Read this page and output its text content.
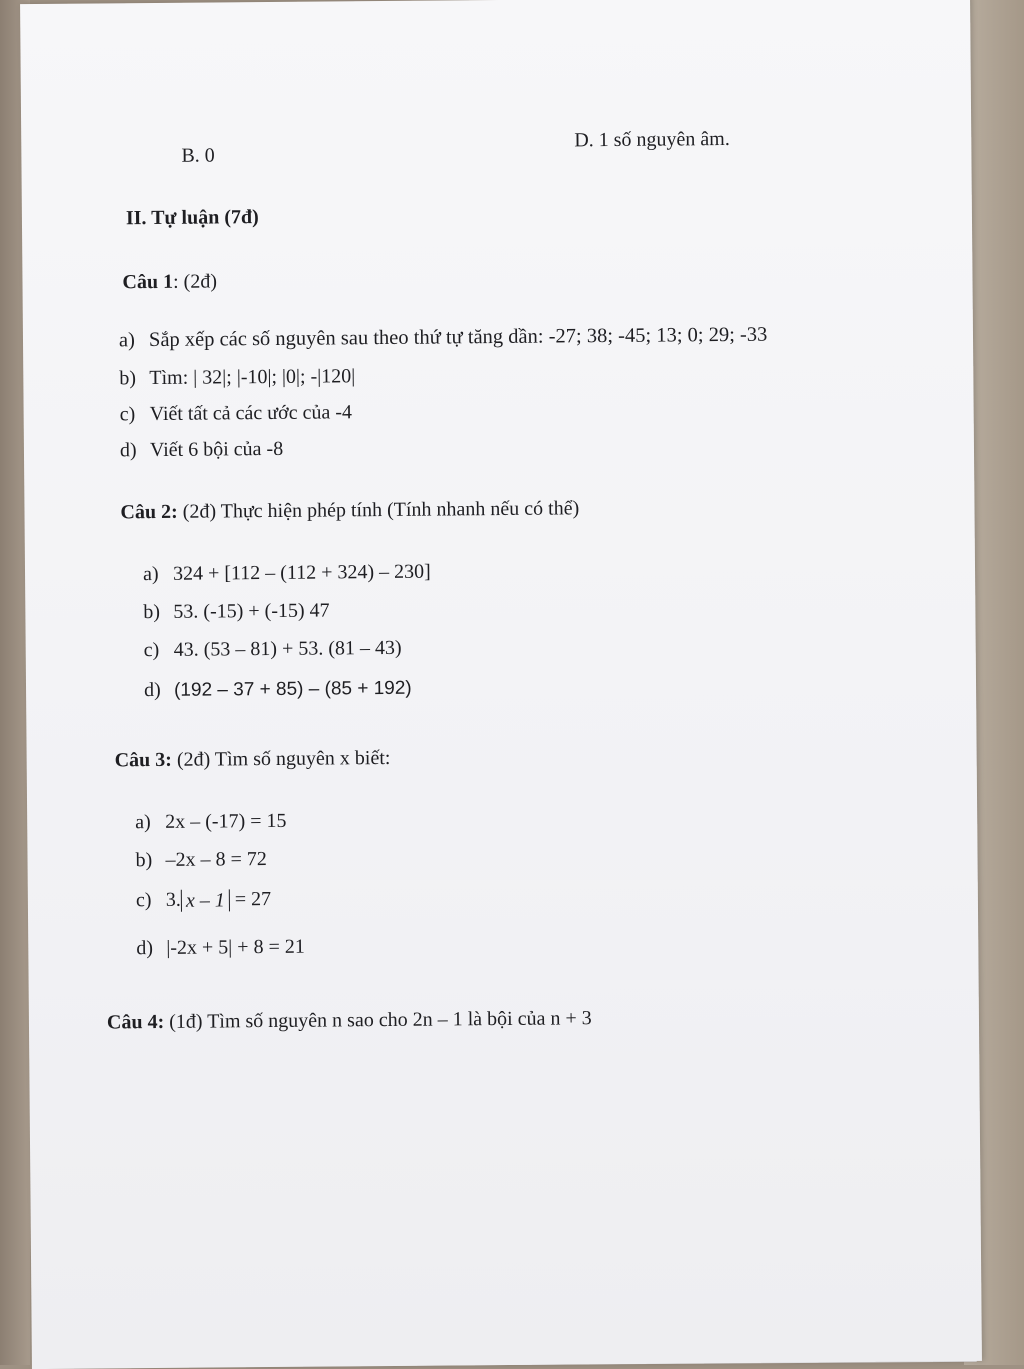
B. 0
D. 1 số nguyên âm.
II. Tự luận (7đ)
Câu 1: (2đ)
a) Sắp xếp các số nguyên sau theo thứ tự tăng dần: -27; 38; -45; 13; 0; 29; -33
b) Tìm: | 32|; |-10|; |0|; -|120|
c) Viết tất cả các ước của -4
d) Viết 6 bội của -8
Câu 2: (2đ) Thực hiện phép tính (Tính nhanh nếu có thể)
a) 324 + [112 – (112 + 324) – 230]
b) 53. (-15) + (-15) 47
c) 43. (53 – 81) + 53. (81 – 43)
d) (192 – 37 + 85) – (85 + 192)
Câu 3: (2đ) Tìm số nguyên x biết:
a) 2x – (-17) = 15
b) –2x – 8 = 72
c) 3. x – 1 = 27
d) |-2x + 5| + 8 = 21
Câu 4: (1đ) Tìm số nguyên n sao cho 2n – 1 là bội của n + 3
